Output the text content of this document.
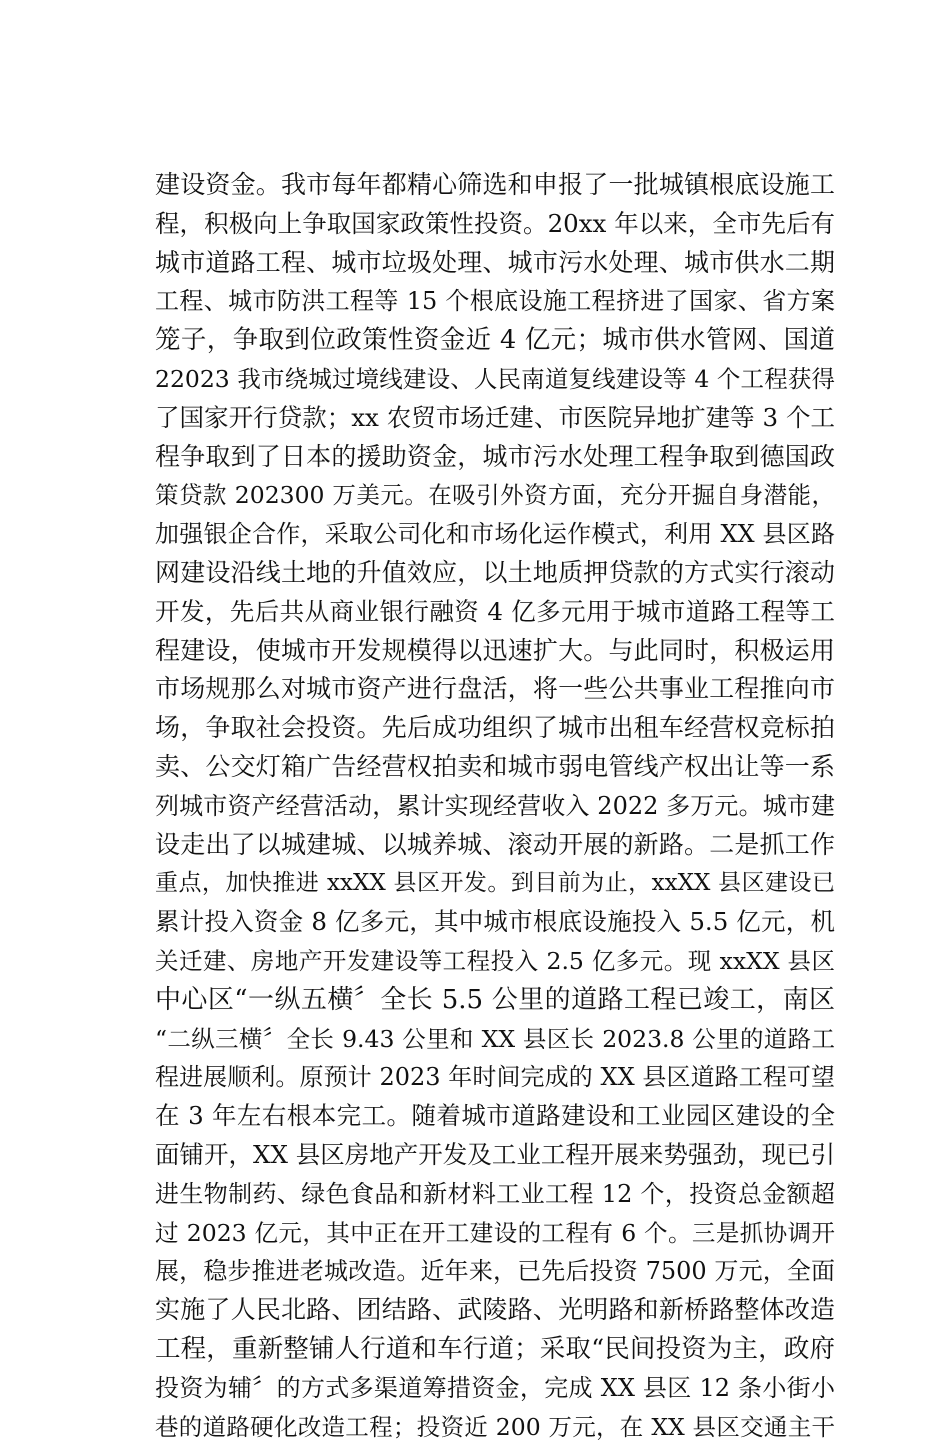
建设资金。我市每年都精心筛选和申报了一批城镇根底设施工
程，积极向上争取国家政策性投资。20xx 年以来，全市先后有
城市道路工程、城市垃圾处理、城市污水处理、城市供水二期
工程、城市防洪工程等 15 个根底设施工程挤进了国家、省方案
笼子，争取到位政策性资金近 4 亿元；城市供水管网、国道
22023 我市绕城过境线建设、人民南道复线建设等 4 个工程获得
了国家开行贷款；xx 农贸市场迁建、市医院异地扩建等 3 个工
程争取到了日本的援助资金，城市污水处理工程争取到德国政
策贷款 202300 万美元。在吸引外资方面，充分开掘自身潜能，
加强银企合作，采取公司化和市场化运作模式，利用 XX 县区路
网建设沿线土地的升值效应，以土地质押贷款的方式实行滚动
开发，先后共从商业银行融资 4 亿多元用于城市道路工程等工
程建设，使城市开发规模得以迅速扩大。与此同时，积极运用
市场规那么对城市资产进行盘活，将一些公共事业工程推向市
场，争取社会投资。先后成功组织了城市出租车经营权竞标拍
卖、公交灯箱广告经营权拍卖和城市弱电管线产权出让等一系
列城市资产经营活动，累计实现经营收入 2022 多万元。城市建
设走出了以城建城、以城养城、滚动开展的新路。二是抓工作
重点，加快推进 xxXX 县区开发。到目前为止，xxXX 县区建设已
累计投入资金 8 亿多元，其中城市根底设施投入 5.5 亿元，机
关迁建、房地产开发建设等工程投入 2.5 亿多元。现 xxXX 县区
中心区“一纵五横〞全长 5.5 公里的道路工程已竣工，南区
“二纵三横〞全长 9.43 公里和 XX 县区长 2023.8 公里的道路工
程进展顺利。原预计 2023 年时间完成的 XX 县区道路工程可望
在 3 年左右根本完工。随着城市道路建设和工业园区建设的全
面铺开，XX 县区房地产开发及工业工程开展来势强劲，现已引
进生物制药、绿色食品和新材料工业工程 12 个，投资总金额超
过 2023 亿元，其中正在开工建设的工程有 6 个。三是抓协调开
展，稳步推进老城改造。近年来，已先后投资 7500 万元，全面
实施了人民北路、团结路、武陵路、光明路和新桥路整体改造
工程，重新整铺人行道和车行道；采取“民间投资为主，政府
投资为辅〞的方式多渠道筹措资金，完成 XX 县区 12 条小街小
巷的道路硬化改造工程；投资近 200 万元，在 XX 县区交通主干
